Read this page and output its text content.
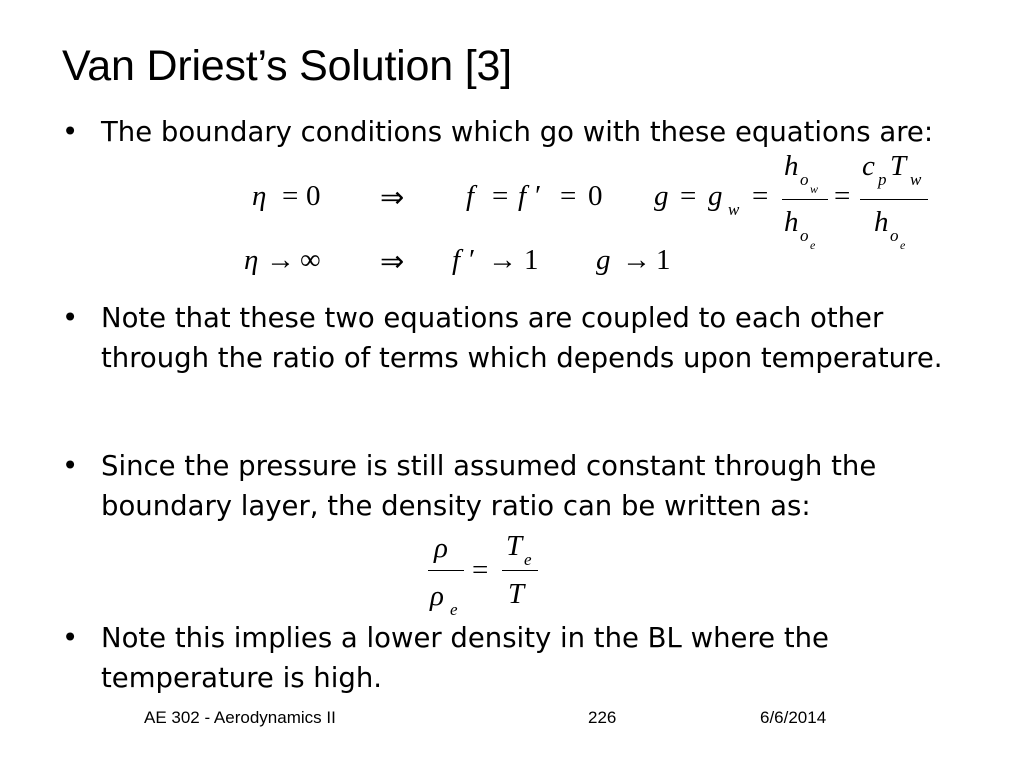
Van Driest’s Solution [3]
• The boundary conditions which go with these equations are:
η = 0 ⇒ f = f ′ = 0 g = g w =
h o w
h o e
=
c p T w
h o e
η → ∞ ⇒ f ′ → 1 g → 1
• Note that these two equations are coupled to each other through the ratio of terms which depends upon temperature.
• Since the pressure is still assumed constant through the boundary layer, the density ratio can be written as:
ρ
ρ e
=
T e
T
• Note this implies a lower density in the BL where the temperature is high.
AE 302 - Aerodynamics II	226	6/6/2014
